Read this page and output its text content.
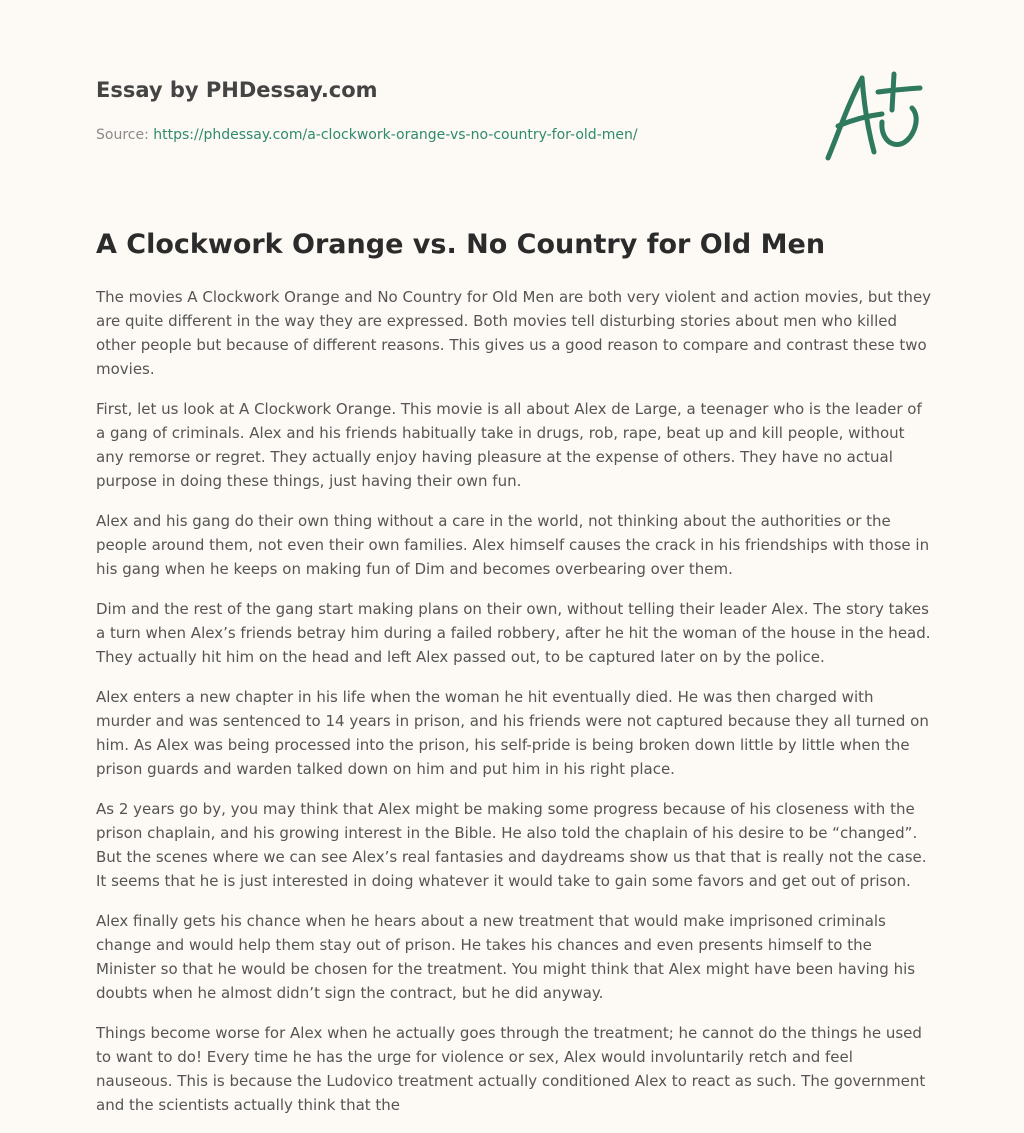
Essay by PHDessay.com
Source: https://phdessay.com/a-clockwork-orange-vs-no-country-for-old-men/
A Clockwork Orange vs. No Country for Old Men

The movies A Clockwork Orange and No Country for Old Men are both very violent and action movies, but they are quite different in the way they are expressed. Both movies tell disturbing stories about men who killed other people but because of different reasons. This gives us a good reason to compare and contrast these two movies.

First, let us look at A Clockwork Orange. This movie is all about Alex de Large, a teenager who is the leader of a gang of criminals. Alex and his friends habitually take in drugs, rob, rape, beat up and kill people, without any remorse or regret. They actually enjoy having pleasure at the expense of others. They have no actual purpose in doing these things, just having their own fun.

Alex and his gang do their own thing without a care in the world, not thinking about the authorities or the people around them, not even their own families. Alex himself causes the crack in his friendships with those in his gang when he keeps on making fun of Dim and becomes overbearing over them.

Dim and the rest of the gang start making plans on their own, without telling their leader Alex. The story takes a turn when Alex’s friends betray him during a failed robbery, after he hit the woman of the house in the head. They actually hit him on the head and left Alex passed out, to be captured later on by the police.

Alex enters a new chapter in his life when the woman he hit eventually died. He was then charged with murder and was sentenced to 14 years in prison, and his friends were not captured because they all turned on him. As Alex was being processed into the prison, his self-pride is being broken down little by little when the prison guards and warden talked down on him and put him in his right place.

As 2 years go by, you may think that Alex might be making some progress because of his closeness with the prison chaplain, and his growing interest in the Bible. He also told the chaplain of his desire to be “changed”. But the scenes where we can see Alex’s real fantasies and daydreams show us that that is really not the case. It seems that he is just interested in doing whatever it would take to gain some favors and get out of prison.

Alex finally gets his chance when he hears about a new treatment that would make imprisoned criminals change and would help them stay out of prison. He takes his chances and even presents himself to the Minister so that he would be chosen for the treatment. You might think that Alex might have been having his doubts when he almost didn’t sign the contract, but he did anyway.

Things become worse for Alex when he actually goes through the treatment; he cannot do the things he used to want to do! Every time he has the urge for violence or sex, Alex would involuntarily retch and feel nauseous. This is because the Ludovico treatment actually conditioned Alex to react as such. The government and the scientists actually think that the
